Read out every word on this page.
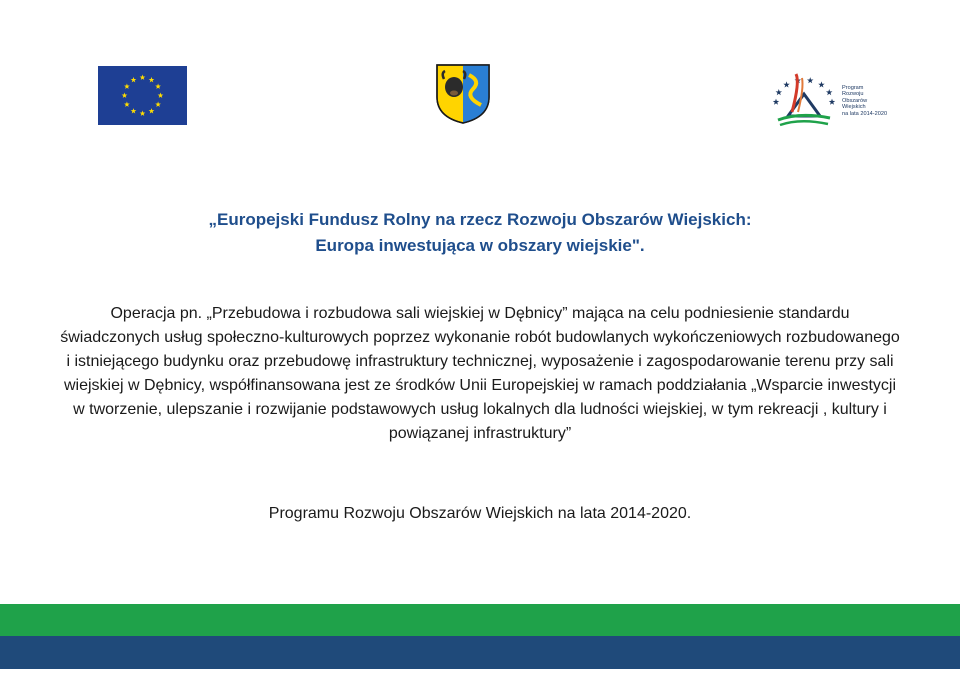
Program
Rozwoju
Obszarów
Wiejskich
na lata 2014-2020
„Europejski Fundusz Rolny na rzecz Rozwoju Obszarów Wiejskich:
Europa inwestująca w obszary wiejskie".
Operacja pn. „Przebudowa i rozbudowa sali wiejskiej w Dębnicy” mająca na celu podniesienie standardu świadczonych usług społeczno-kulturowych poprzez wykonanie robót budowlanych wykończeniowych rozbudowanego i istniejącego budynku oraz przebudowę infrastruktury technicznej, wyposażenie i zagospodarowanie terenu przy sali wiejskiej w Dębnicy, współfinansowana jest ze środków Unii Europejskiej w ramach poddziałania „Wsparcie inwestycji w tworzenie, ulepszanie i rozwijanie podstawowych usług lokalnych dla ludności wiejskiej, w tym rekreacji , kultury i powiązanej infrastruktury”
Programu Rozwoju Obszarów Wiejskich na lata 2014-2020.
